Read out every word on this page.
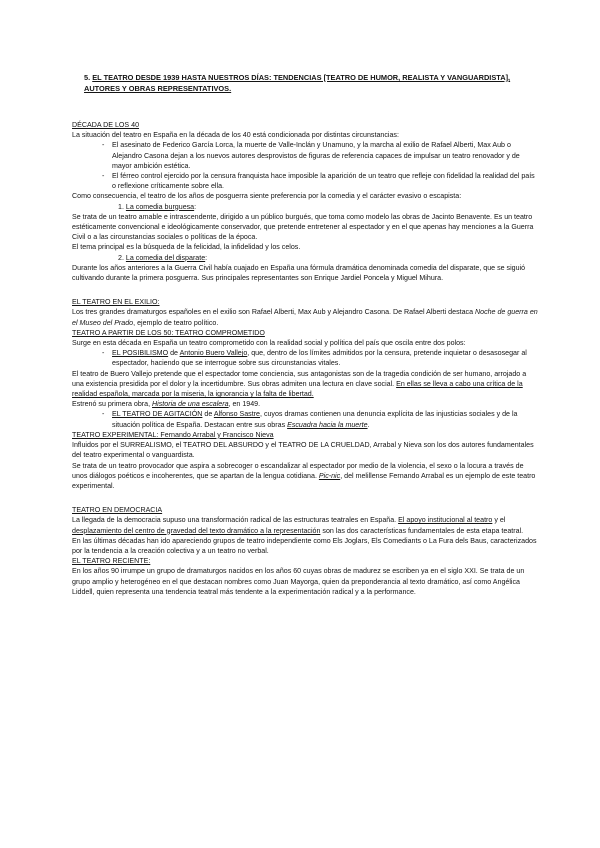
5. EL TEATRO DESDE 1939 HASTA NUESTROS DÍAS: TENDENCIAS [TEATRO DE HUMOR, REALISTA Y VANGUARDISTA], AUTORES Y OBRAS REPRESENTATIVOS.

DÉCADA DE LOS 40

La situación del teatro en España en la década de los 40 está condicionada por distintas circunstancias:

- El asesinato de Federico García Lorca, la muerte de Valle-Inclán y Unamuno, y la marcha al exilio de Rafael Alberti, Max Aub o Alejandro Casona dejan a los nuevos autores desprovistos de figuras de referencia capaces de impulsar un teatro renovador y de mayor ambición estética.

- El férreo control ejercido por la censura franquista hace imposible la aparición de un teatro que refleje con fidelidad la realidad del país o reflexione críticamente sobre ella.

Como consecuencia, el teatro de los años de posguerra siente preferencia por la comedia y el carácter evasivo o escapista:

1. La comedia burguesa:

Se trata de un teatro amable e intrascendente, dirigido a un público burgués, que toma como modelo las obras de Jacinto Benavente. Es un teatro estéticamente convencional e ideológicamente conservador, que pretende entretener al espectador y en el que apenas hay menciones a la Guerra Civil o a las circunstancias sociales o políticas de la época.

El tema principal es la búsqueda de la felicidad, la infidelidad y los celos.

2. La comedia del disparate:

Durante los años anteriores a la Guerra Civil había cuajado en España una fórmula dramática denominada comedia del disparate, que se siguió cultivando durante la primera posguerra. Sus principales representantes son Enrique Jardiel Poncela y Miguel Mihura.

EL TEATRO EN EL EXILIO:

Los tres grandes dramaturgos españoles en el exilio son Rafael Alberti, Max Aub y Alejandro Casona. De Rafael Alberti destaca Noche de guerra en el Museo del Prado, ejemplo de teatro político.

TEATRO A PARTIR DE LOS 50: TEATRO COMPROMETIDO

Surge en esta década en España un teatro comprometido con la realidad social y política del país que oscila entre dos polos:

- EL POSIBILISMO de Antonio Buero Vallejo, que, dentro de los límites admitidos por la censura, pretende inquietar o desasosegar al espectador, haciendo que se interrogue sobre sus circunstancias vitales.

El teatro de Buero Vallejo pretende que el espectador tome conciencia, sus antagonistas son de la tragedia condición de ser humano, arrojado a una existencia presidida por el dolor y la incertidumbre. Sus obras admiten una lectura en clave social. En ellas se lleva a cabo una crítica de la realidad española, marcada por la miseria, la ignorancia y la falta de libertad.

Estrenó su primera obra, Historia de una escalera, en 1949.

- EL TEATRO DE AGITACIÓN de Alfonso Sastre, cuyos dramas contienen una denuncia explícita de las injusticias sociales y de la situación política de España. Destacan entre sus obras Escuadra hacia la muerte.

TEATRO EXPERIMENTAL: Fernando Arrabal y Francisco Nieva

Influidos por el SURREALISMO, el TEATRO DEL ABSURDO y el TEATRO DE LA CRUELDAD, Arrabal y Nieva son los dos autores fundamentales del teatro experimental o vanguardista.

Se trata de un teatro provocador que aspira a sobrecoger o escandalizar al espectador por medio de la violencia, el sexo o la locura a través de unos diálogos poéticos e incoherentes, que se apartan de la lengua cotidiana. Pic-nic, del melillense Fernando Arrabal es un ejemplo de este teatro experimental.

TEATRO EN DEMOCRACIA

La llegada de la democracia supuso una transformación radical de las estructuras teatrales en España. El apoyo institucional al teatro y el desplazamiento del centro de gravedad del texto dramático a la representación son las dos características fundamentales de esta etapa teatral.

En las últimas décadas han ido apareciendo grupos de teatro independiente como Els Joglars, Els Comediants o La Fura dels Baus, caracterizados por la tendencia a la creación colectiva y a un teatro no verbal.

EL TEATRO RECIENTE:

En los años 90 irrumpe un grupo de dramaturgos nacidos en los años 60 cuyas obras de madurez se escriben ya en el siglo XXI. Se trata de un grupo amplio y heterogéneo en el que destacan nombres como Juan Mayorga, quien da preponderancia al texto dramático, así como Angélica Liddell, quien representa una tendencia teatral más tendente a la experimentación radical y a la performance.
